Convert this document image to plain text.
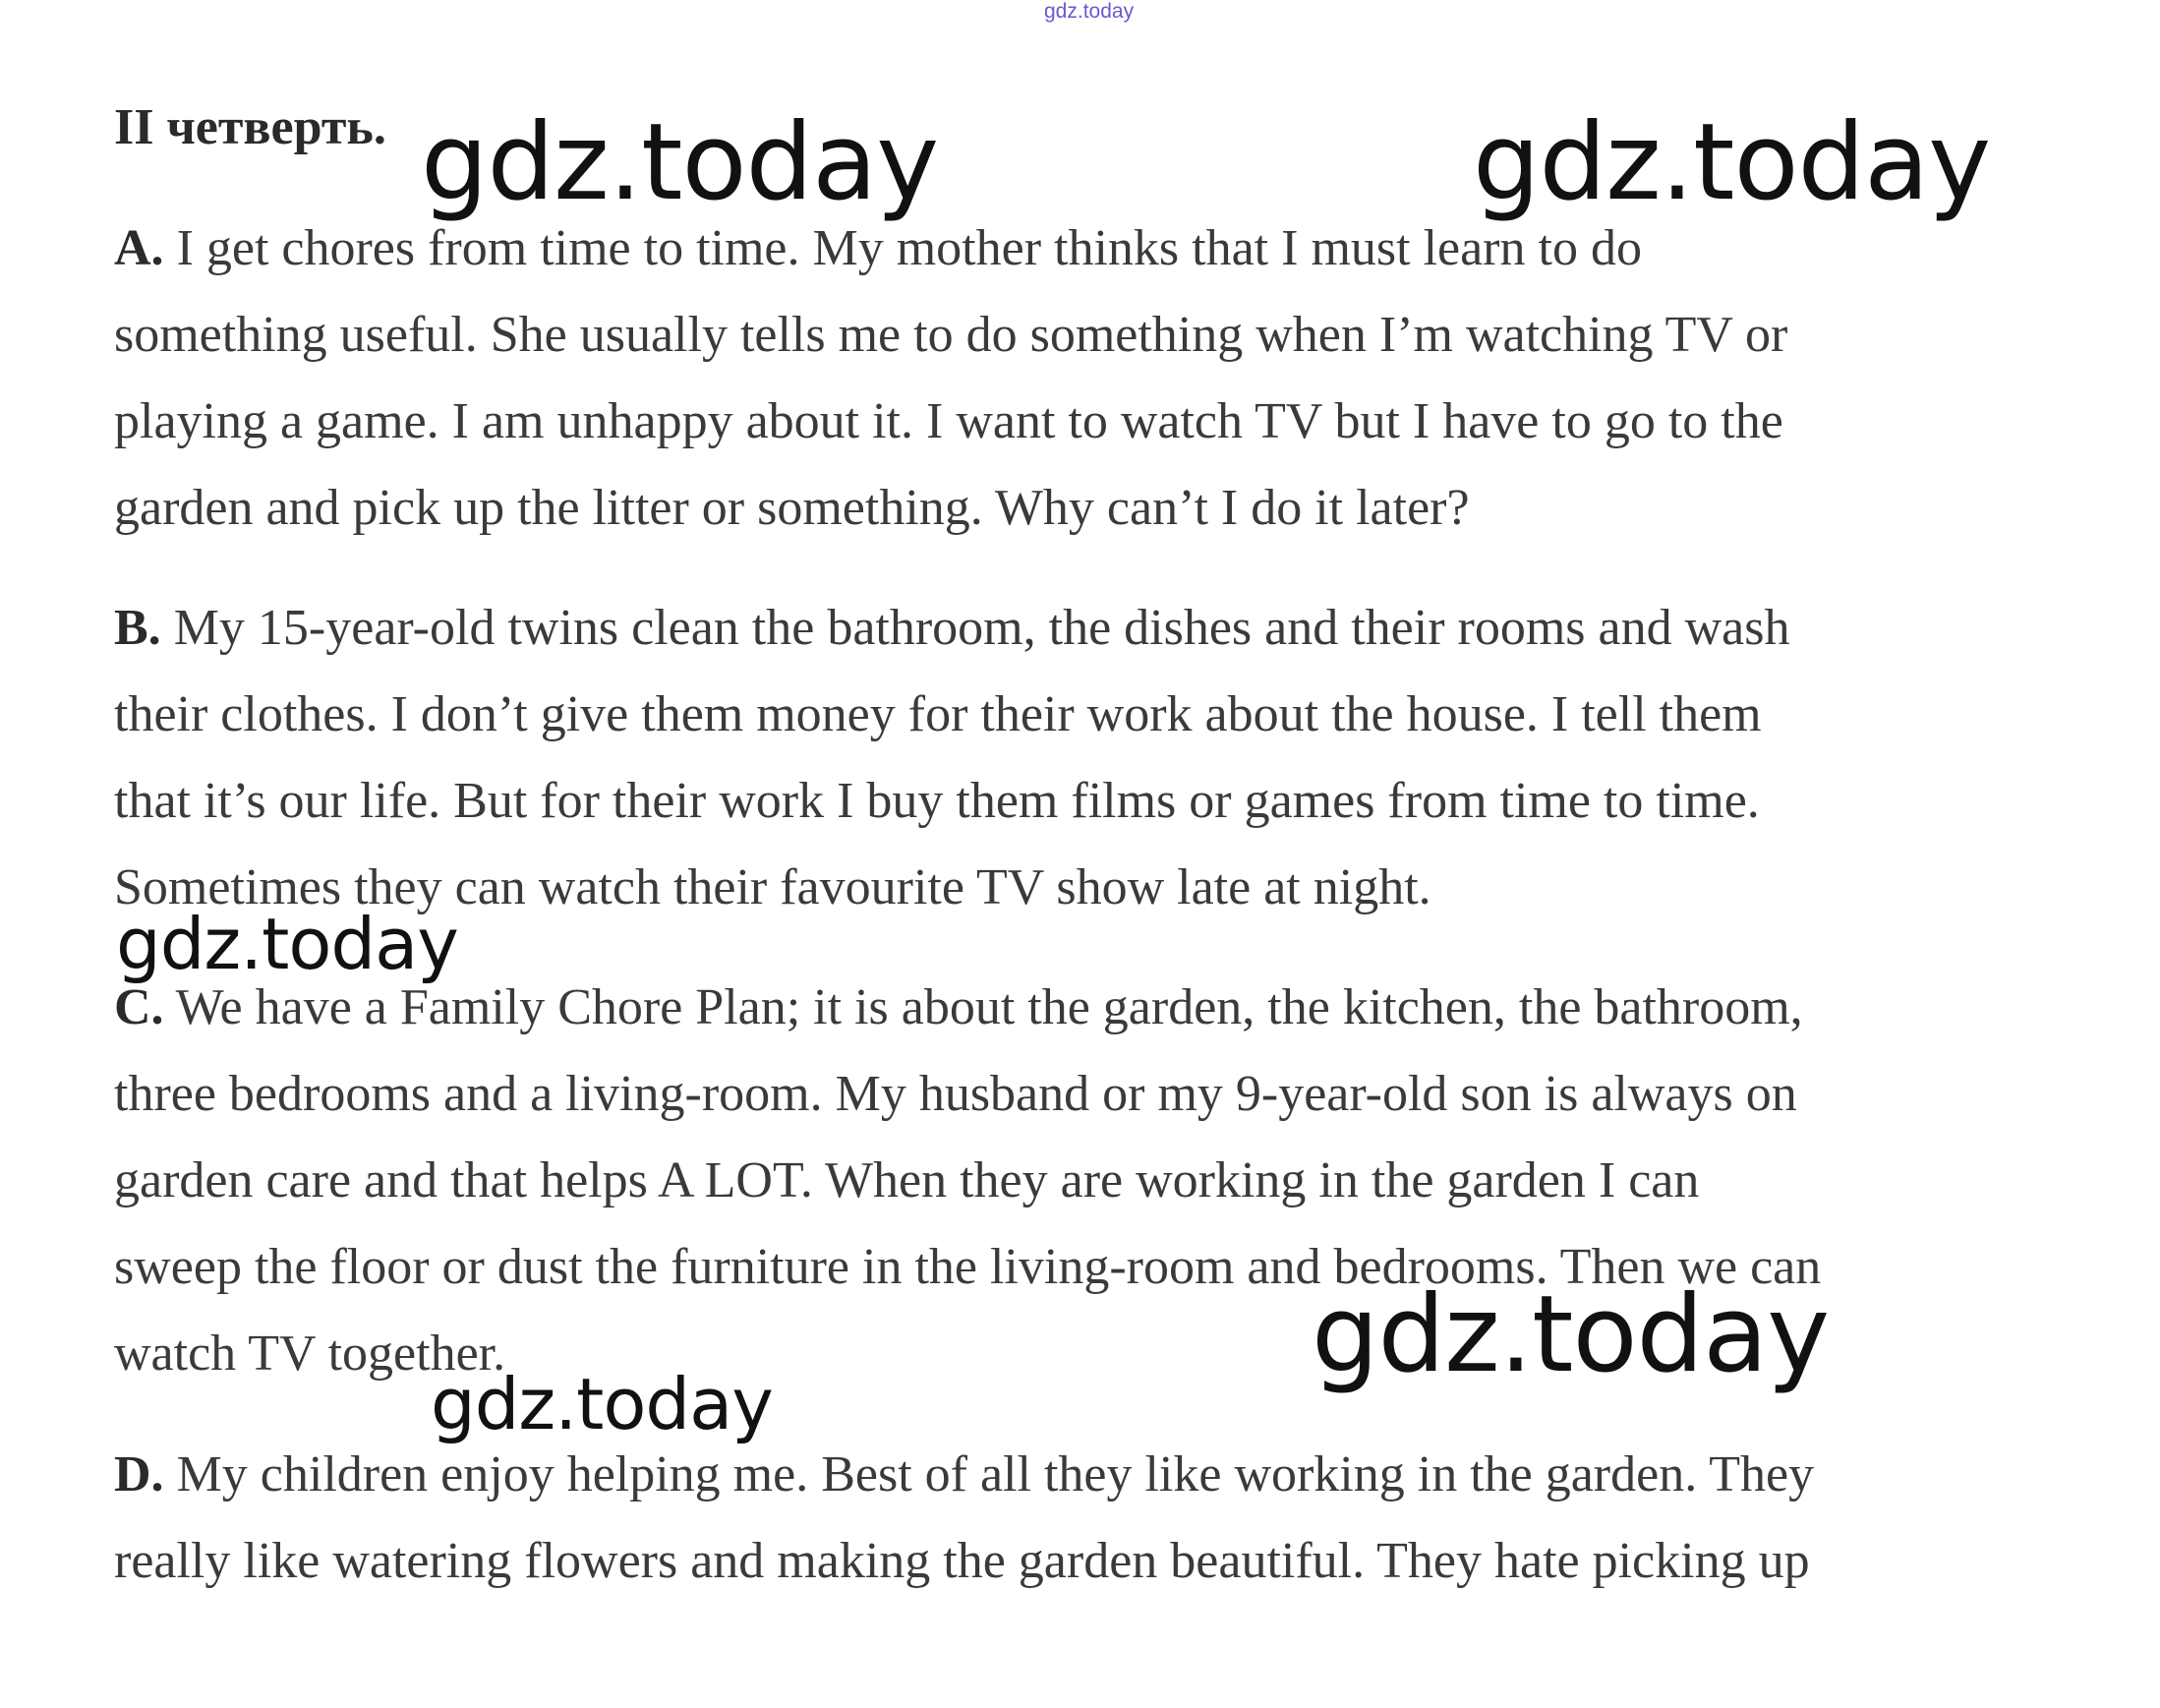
gdz.today
II четверть.
A. I get chores from time to time. My mother thinks that I must learn to do
something useful. She usually tells me to do something when I’m watching TV or
playing a game. I am unhappy about it. I want to watch TV but I have to go to the
garden and pick up the litter or something. Why can’t I do it later?
B. My 15-year-old twins clean the bathroom, the dishes and their rooms and wash
their clothes. I don’t give them money for their work about the house. I tell them
that it’s our life. But for their work I buy them films or games from time to time.
Sometimes they can watch their favourite TV show late at night.
C. We have a Family Chore Plan; it is about the garden, the kitchen, the bathroom,
three bedrooms and a living-room. My husband or my 9-year-old son is always on
garden care and that helps A LOT. When they are working in the garden I can
sweep the floor or dust the furniture in the living-room and bedrooms. Then we can
watch TV together.
D. My children enjoy helping me. Best of all they like working in the garden. They
really like watering flowers and making the garden beautiful. They hate picking up
gdz.today	gdz.today
gdz.today
gdz.today
gdz.today
